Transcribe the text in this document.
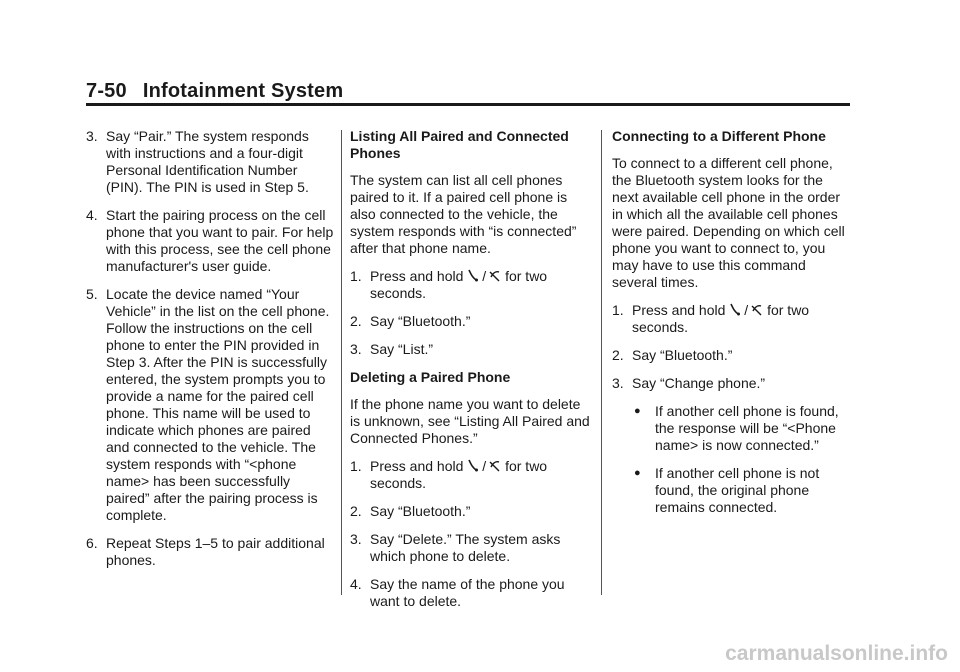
7-50 Infotainment System
3. Say “Pair.” The system responds with instructions and a four-digit Personal Identification Number (PIN). The PIN is used in Step 5.
4. Start the pairing process on the cell phone that you want to pair. For help with this process, see the cell phone manufacturer's user guide.
5. Locate the device named “Your Vehicle” in the list on the cell phone. Follow the instructions on the cell phone to enter the PIN provided in Step 3. After the PIN is successfully entered, the system prompts you to provide a name for the paired cell phone. This name will be used to indicate which phones are paired and connected to the vehicle. The system responds with “<phone name> has been successfully paired” after the pairing process is complete.
6. Repeat Steps 1–5 to pair additional phones.
Listing All Paired and Connected Phones
The system can list all cell phones paired to it. If a paired cell phone is also connected to the vehicle, the system responds with “is connected” after that phone name.
1. Press and hold / for two seconds.
2. Say “Bluetooth.”
3. Say “List.”
Deleting a Paired Phone
If the phone name you want to delete is unknown, see “Listing All Paired and Connected Phones.”
1. Press and hold / for two seconds.
2. Say “Bluetooth.”
3. Say “Delete.” The system asks which phone to delete.
4. Say the name of the phone you want to delete.
Connecting to a Different Phone
To connect to a different cell phone, the Bluetooth system looks for the next available cell phone in the order in which all the available cell phones were paired. Depending on which cell phone you want to connect to, you may have to use this command several times.
1. Press and hold / for two seconds.
2. Say “Bluetooth.”
3. Say “Change phone.”
●	If another cell phone is found, the response will be “<Phone name> is now connected.”
●	If another cell phone is not found, the original phone remains connected.
carmanualsonline.info
